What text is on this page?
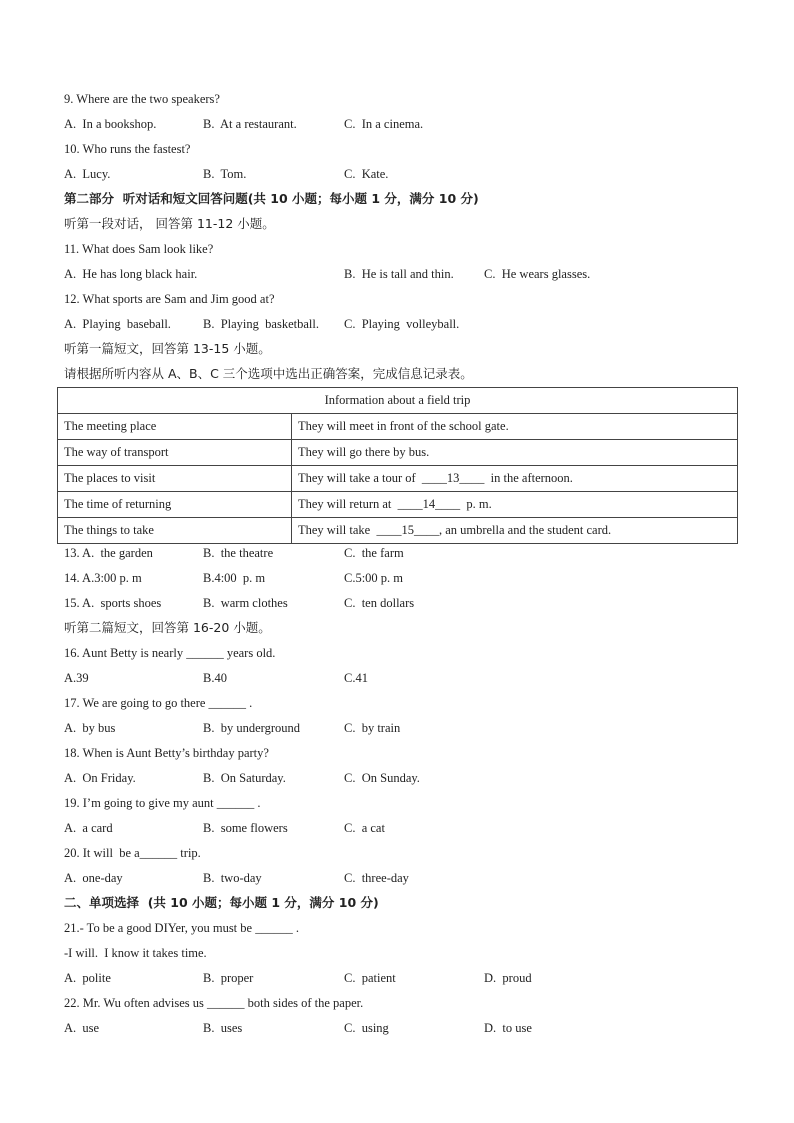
9. Where are the two speakers?
A.  In a bookshop.	B.  At a restaurant.	C.  In a cinema.
10. Who runs the fastest?
A.  Lucy.	B.  Tom.	C.  Kate.
第二部分  听对话和短文回答问题(共 10 小题；每小题 1 分，满分 10 分)
听第一段对话， 回答第 11-12 小题。
11. What does Sam look like?
A.  He has long black hair.	B.  He is tall and thin. C.  He wears glasses.
12. What sports are Sam and Jim good at?
A.  Playing  baseball.	B.  Playing  basketball. C.  Playing  volleyball.
听第一篇短文，回答第 13-15 小题。
请根据所听内容从 A、B、C 三个选项中选出正确答案，完成信息记录表。
Information about a field trip	
The meeting place	They will meet in front of the school gate.
The way of transport	They will go there by bus.
The places to visit	They will take a tour of  ____13____  in the afternoon.
The time of returning	They will return at  ____14____  p. m.
The things to take	They will take  ____15____, an umbrella and the student card.
13. A.  the garden	B.  the theatre	C.  the farm
14. A.3:00 p. m	B.4:00  p. m	C.5:00 p. m
15. A.  sports shoes	B.  warm clothes	C.  ten dollars
听第二篇短文，回答第 16-20 小题。
16. Aunt Betty is nearly ______ years old.
A.39	B.40	C.41
17. We are going to go there ______ .
A.  by bus	B.  by underground	C.  by train
18. When is Aunt Betty’s birthday party?
A.  On Friday.	B.  On Saturday.	C.  On Sunday.
19. I’m going to give my aunt ______ .
A.  a card	B.  some flowers	C.  a cat
20. It will  be a______ trip.
A.  one-day	B.  two-day	C.  three-day
二、单项选择  (共 10 小题；每小题 1 分，满分 10 分)
21.- To be a good DIYer, you must be ______ .
-I will.  I know it takes time.
A.  polite	B.  proper	C.  patient	D.  proud
22. Mr. Wu often advises us ______ both sides of the paper.
A.  use	B.  uses	C.  using	D.  to use
